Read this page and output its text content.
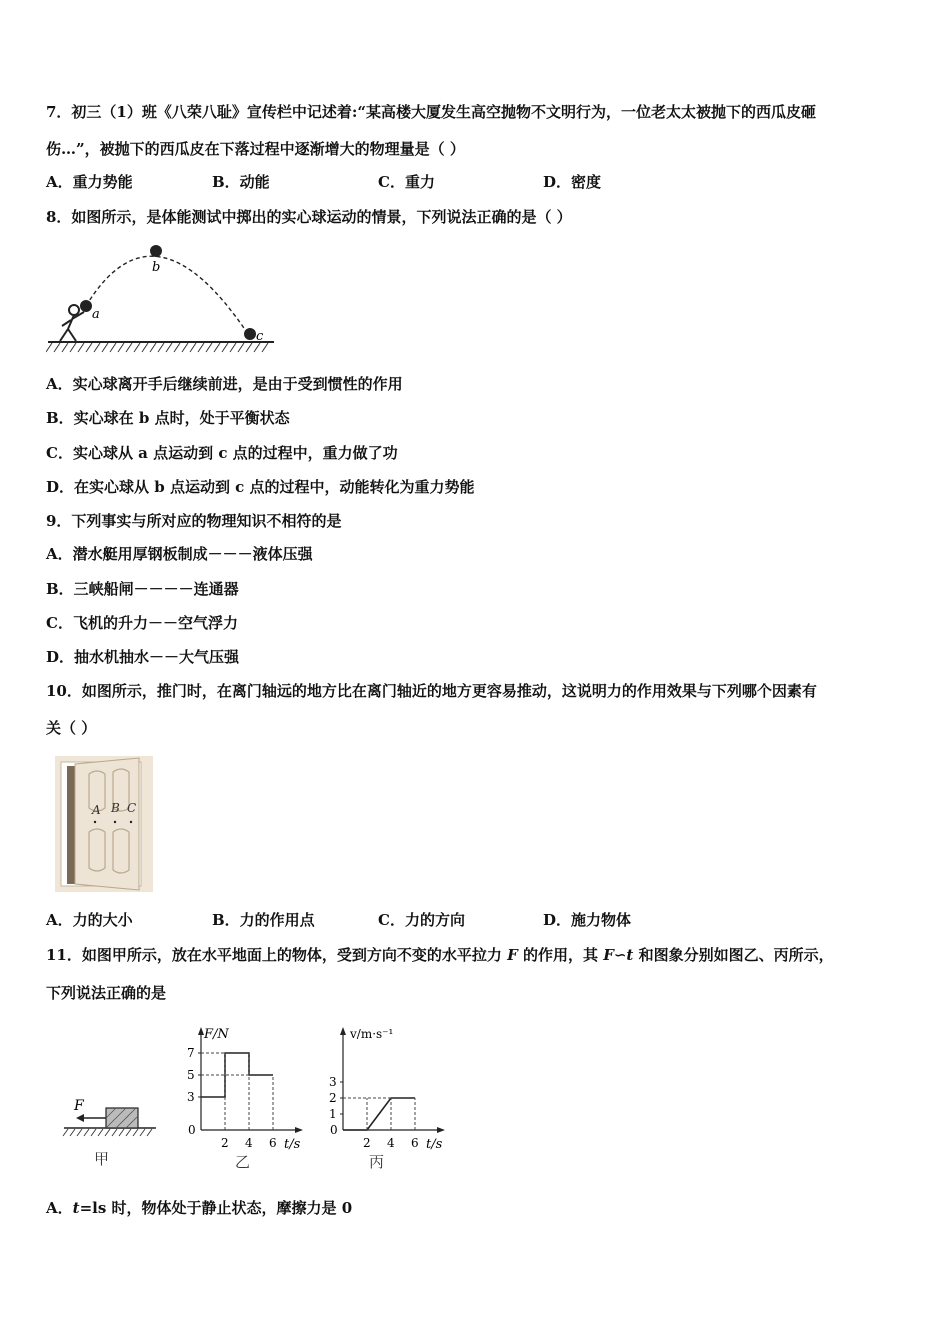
7．初三（1）班《八荣八耻》宣传栏中记述着:“某高楼大厦发生高空抛物不文明行为，一位老太太被抛下的西瓜皮砸
伤…”，被抛下的西瓜皮在下落过程中逐渐增大的物理量是（ ）
A．重力势能	B．动能	C．重力	D．密度
8．如图所示，是体能测试中掷出的实心球运动的情景，下列说法正确的是（ ）
a
b
c
A．实心球离开手后继续前进，是由于受到惯性的作用
B．实心球在 b 点时，处于平衡状态
C．实心球从 a 点运动到 c 点的过程中，重力做了功
D．在实心球从 b 点运动到 c 点的过程中，动能转化为重力势能
9．下列事实与所对应的物理知识不相符的是
A．潜水艇用厚钢板制成－－－液体压强
B．三峡船闸－－－－连通器
C．飞机的升力－－空气浮力
D．抽水机抽水－－大气压强
10．如图所示，推门时，在离门轴远的地方比在离门轴近的地方更容易推动，这说明力的作用效果与下列哪个因素有
关（ ）
A B C
A．力的大小	B．力的作用点	C．力的方向	D．施力物体
11．如图甲所示，放在水平地面上的物体，受到方向不变的水平拉力 F 的作用，其 F∽t 和图象分别如图乙、丙所示，
下列说法正确的是
F
甲
F/N
t/s
0
7
5
3
2 4 6
乙
v/m·s⁻¹
t/s
0
3
2
1
2 4 6
丙
A．t=ls 时，物体处于静止状态，摩擦力是 0
